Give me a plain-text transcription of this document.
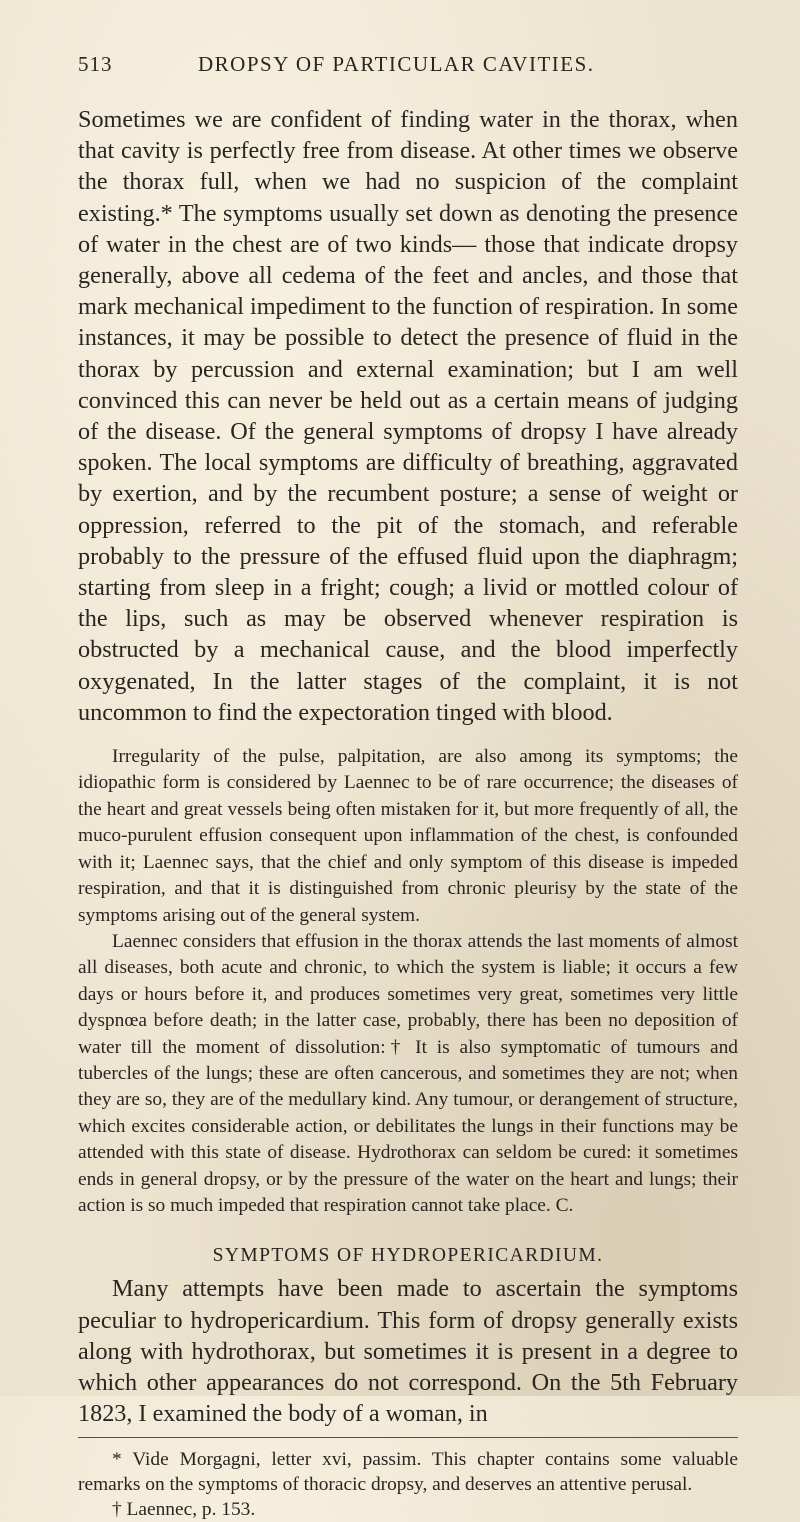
513	DROPSY OF PARTICULAR CAVITIES.

Sometimes we are confident of finding water in the thorax, when that cavity is perfectly free from disease. At other times we observe the thorax full, when we had no suspicion of the complaint existing.* The symptoms usually set down as denoting the presence of water in the chest are of two kinds— those that indicate dropsy generally, above all cedema of the feet and ancles, and those that mark mechanical impediment to the function of respiration. In some instances, it may be possible to detect the presence of fluid in the thorax by percussion and external examination; but I am well convinced this can never be held out as a certain means of judging of the disease. Of the general symptoms of dropsy I have already spoken. The local symptoms are difficulty of breathing, aggravated by exertion, and by the recumbent posture; a sense of weight or oppression, referred to the pit of the stomach, and referable probably to the pressure of the effused fluid upon the diaphragm; starting from sleep in a fright; cough; a livid or mottled colour of the lips, such as may be observed whenever respiration is obstructed by a mechanical cause, and the blood imperfectly oxygenated, In the latter stages of the complaint, it is not uncommon to find the expectoration tinged with blood.

Irregularity of the pulse, palpitation, are also among its symptoms; the idiopathic form is considered by Laennec to be of rare occurrence; the diseases of the heart and great vessels being often mistaken for it, but more frequently of all, the muco-purulent effusion consequent upon inflammation of the chest, is confounded with it; Laennec says, that the chief and only symptom of this disease is impeded respiration, and that it is distinguished from chronic pleurisy by the state of the symptoms arising out of the general system.

Laennec considers that effusion in the thorax attends the last moments of almost all diseases, both acute and chronic, to which the system is liable; it occurs a few days or hours before it, and produces sometimes very great, sometimes very little dyspnœa before death; in the latter case, probably, there has been no deposition of water till the moment of dissolution:† It is also symptomatic of tumours and tubercles of the lungs; these are often cancerous, and sometimes they are not; when they are so, they are of the medullary kind. Any tumour, or derangement of structure, which excites considerable action, or debilitates the lungs in their functions may be attended with this state of disease. Hydrothorax can seldom be cured: it sometimes ends in general dropsy, or by the pressure of the water on the heart and lungs; their action is so much impeded that respiration cannot take place. C.

SYMPTOMS OF HYDROPERICARDIUM.

Many attempts have been made to ascertain the symptoms peculiar to hydropericardium. This form of dropsy generally exists along with hydrothorax, but sometimes it is present in a degree to which other appearances do not correspond. On the 5th February 1823, I examined the body of a woman, in

* Vide Morgagni, letter xvi, passim. This chapter contains some valuable remarks on the symptoms of thoracic dropsy, and deserves an attentive perusal.

† Laennec, p. 153.
